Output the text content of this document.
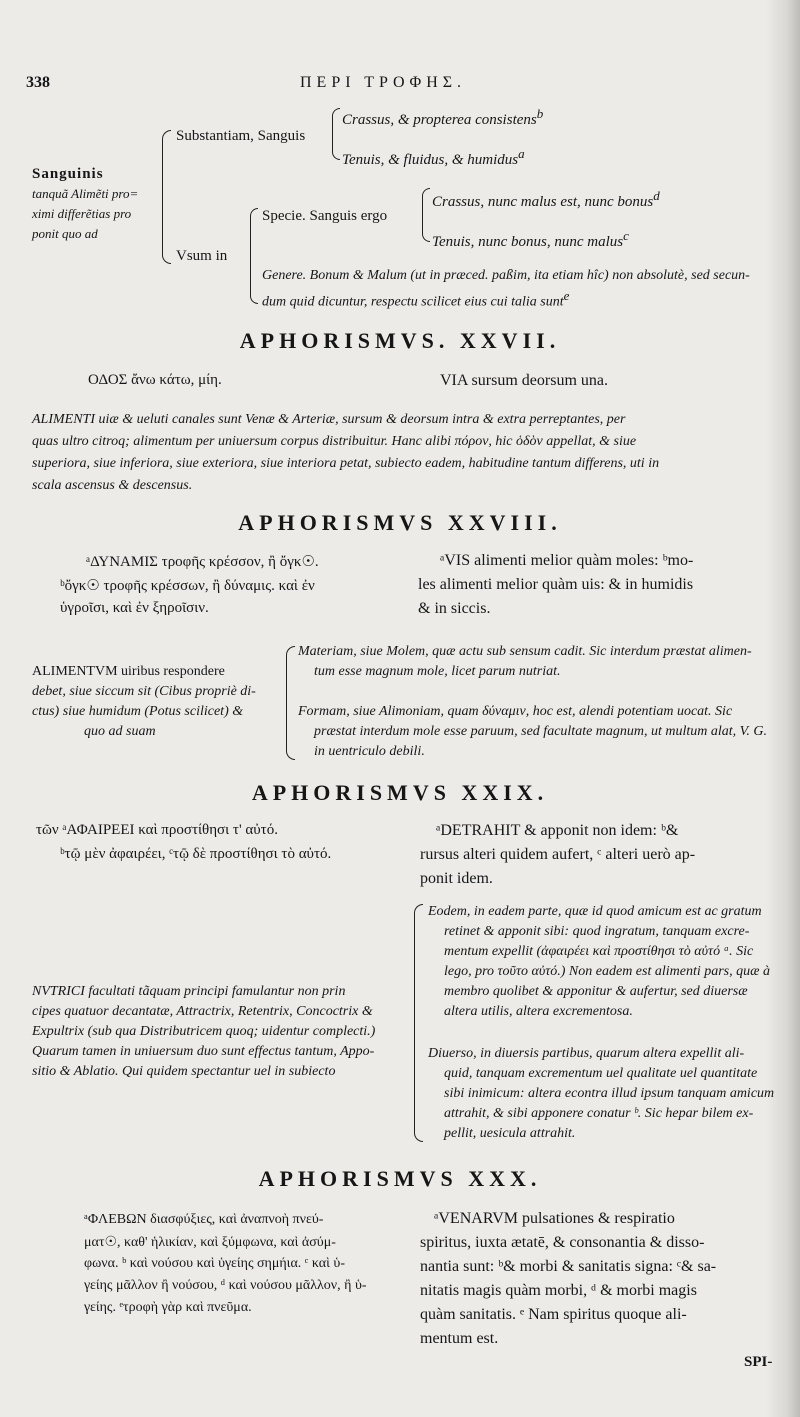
338	ΠΕΡΙ ΤΡΟΦΗΣ.
Sanguinis
tanquã Alimẽti pro=
ximi differẽtias pro
ponit quo ad
Substantiam, Sanguis
Crassus, & propterea consistens$^b$
Tenuis, & fluidus, & humidus$^a$
Vsum in
Specie. Sanguis ergo
Crassus, nunc malus est, nunc bonus$^d$
Tenuis, nunc bonus, nunc malus$^c$
Genere. Bonum & Malum (ut in præced. paßim, ita etiam hîc) non absolutè, sed secun-
dum quid dicuntur, respectu scilicet eius cui talia sunt$^e$
APHORISMVS. XXVII.
ΟΔΟΣ ἄνω κάτω, μίη.	VIA sursum deorsum una.
ALIMENTI uiæ & ueluti canales sunt Venæ & Arteriæ, sursum & deorsum intra & extra perreptantes, per
quas ultro citroq; alimentum per uniuersum corpus distribuitur. Hanc alibi πόρον, hic ὁδὸν appellat, & siue
superiora, siue inferiora, siue exteriora, siue interiora petat, subiecto eadem, habitudine tantum differens, uti in
scala ascensus & descensus.
APHORISMVS XXVIII.
ᵃΔΥΝΑΜΙΣ τροφῆς κρέσσον, ἢ ὄγκ☉.
ᵇὄγκ☉ τροφῆς κρέσσων, ἢ δύναμις. καὶ ἐν
ὑγροῖσι, καὶ ἐν ξηροῖσιν.
ᵃVIS alimenti melior quàm moles: ᵇmo-
les alimenti melior quàm uis: & in humidis
& in siccis.
ALIMENTVM uiribus respondere
debet, siue siccum sit (Cibus propriè di-
ctus) siue humidum (Potus scilicet) &
quo ad suam
Materiam, siue Molem, quæ actu sub sensum cadit. Sic interdum præstat alimen-
tum esse magnum mole, licet parum nutriat.
Formam, siue Alimoniam, quam δύναμιν, hoc est, alendi potentiam uocat. Sic
præstat interdum mole esse paruum, sed facultate magnum, ut multum alat, V. G.
in uentriculo debili.
APHORISMVS XXIX.
τῶν ᵃΑΦΑΙΡΕΕΙ καὶ προστίθησι τ' αὐτό.
ᵇτῷ μὲν ἀφαιρέει, ᶜτῷ δὲ προστίθησι τὸ αὐτό.
ᵃDETRAHIT & apponit non idem: ᵇ&
rursus alteri quidem aufert, ᶜ alteri uerò ap-
ponit idem.
NVTRICI facultati tãquam principi famulantur non prin
cipes quatuor decantatæ, Attractrix, Retentrix, Concoctrix &
Expultrix (sub qua Distributricem quoq; uidentur complecti.)
Quarum tamen in uniuersum duo sunt effectus tantum, Appo-
sitio & Ablatio. Qui quidem spectantur uel in subiecto
Eodem, in eadem parte, quæ id quod amicum est ac gratum
retinet & apponit sibi: quod ingratum, tanquam excre-
mentum expellit (ἀφαιρέει καὶ προστίθησι τὸ αὐτό ᵃ. Sic
lego, pro τοῦτο αὐτό.) Non eadem est alimenti pars, quæ à
membro quolibet & apponitur & aufertur, sed diuersæ
altera utilis, altera excrementosa.
Diuerso, in diuersis partibus, quarum altera expellit ali-
quid, tanquam excrementum uel qualitate uel quantitate
sibi inimicum: altera econtra illud ipsum tanquam amicum
attrahit, & sibi apponere conatur ᵇ. Sic hepar bilem ex-
pellit, uesicula attrahit.
APHORISMVS XXX.
ᵃΦΛΕΒΩΝ διασφύξιες, καὶ ἀναπνοὴ πνεύ-
ματ☉, καθ' ἡλικίαν, καὶ ξύμφωνα, καὶ ἀσύμ-
φωνα. ᵇ καὶ νούσου καὶ ὑγείης σημήια. ᶜ καὶ ὑ-
γείης μᾶλλον ἢ νούσου, ᵈ καὶ νούσου μᾶλλον, ἢ ὑ-
γείης. ᵉτροφὴ γὰρ καὶ πνεῦμα.
ᵃVENARVM pulsationes & respiratio
spiritus, iuxta ætatē, & consonantia & disso-
nantia sunt: ᵇ& morbi & sanitatis signa: ᶜ& sa-
nitatis magis quàm morbi, ᵈ & morbi magis
quàm sanitatis. ᵉ Nam spiritus quoque ali-
mentum est.
SPI-
